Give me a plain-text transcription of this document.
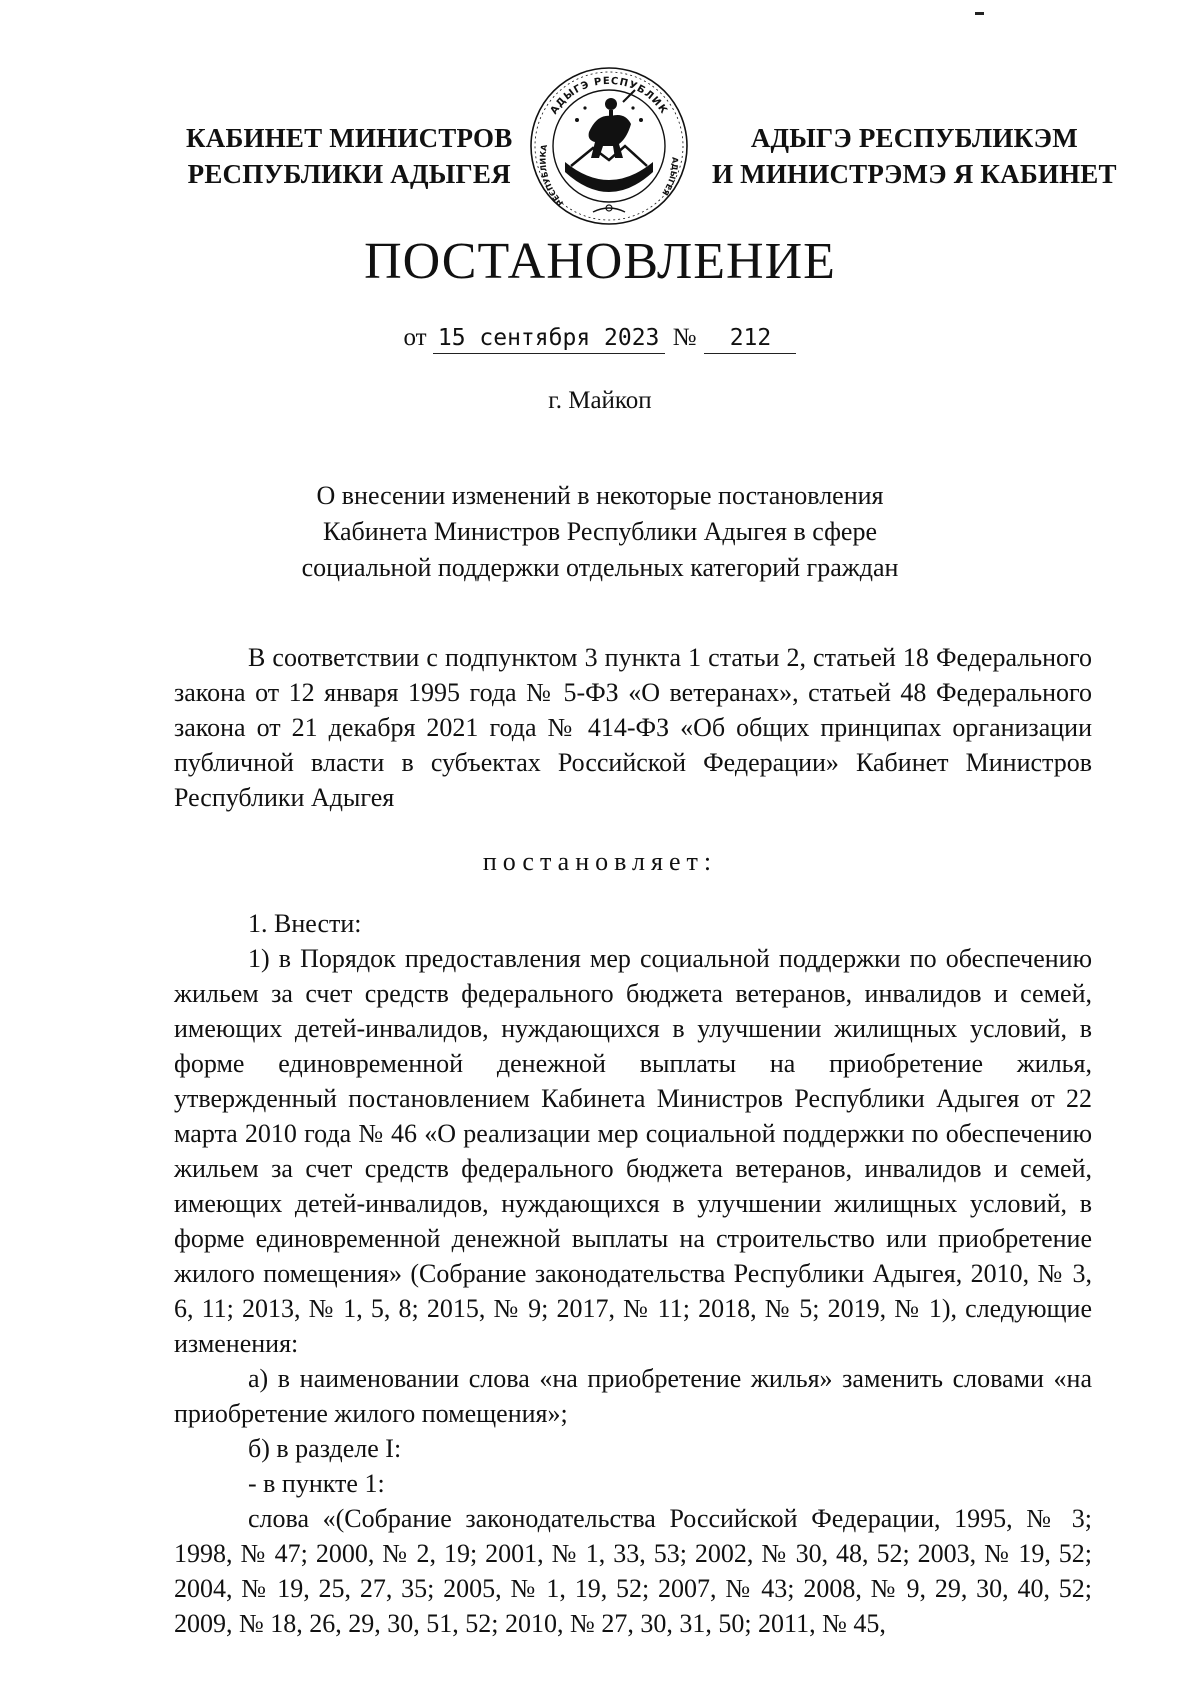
КАБИНЕТ МИНИСТРОВ
РЕСПУБЛИКИ АДЫГЕЯ
АДЫГЭ РЕСПУБЛИК
РЕСПУБЛИКА
АДЫГЕЯ
АДЫГЭ РЕСПУБЛИКЭМ
И МИНИСТРЭМЭ Я КАБИНЕТ
ПОСТАНОВЛЕНИЕ
от 15 сентября 2023 № 212
г. Майкоп
О внесении изменений в некоторые постановления
Кабинета Министров Республики Адыгея в сфере
социальной поддержки отдельных категорий граждан

В соответствии с подпунктом 3 пункта 1 статьи 2, статьей 18 Федерального закона от 12 января 1995 года № 5-ФЗ «О ветеранах», статьей 48 Федерального закона от 21 декабря 2021 года № 414-ФЗ «Об общих принципах организации публичной власти в субъектах Российской Федерации» Кабинет Министров Республики Адыгея

постановляет:

1. Внести:

1) в Порядок предоставления мер социальной поддержки по обеспечению жильем за счет средств федерального бюджета ветеранов, инвалидов и семей, имеющих детей-инвалидов, нуждающихся в улучшении жилищных условий, в форме единовременной денежной выплаты на приобретение жилья, утвержденный постановлением Кабинета Министров Республики Адыгея от 22 марта 2010 года № 46 «О реализации мер социальной поддержки по обеспечению жильем за счет средств федерального бюджета ветеранов, инвалидов и семей, имеющих детей-инвалидов, нуждающихся в улучшении жилищных условий, в форме единовременной денежной выплаты на строительство или приобретение жилого помещения» (Собрание законодательства Республики Адыгея, 2010, № 3, 6, 11; 2013, № 1, 5, 8; 2015, № 9; 2017, № 11; 2018, № 5; 2019, № 1), следующие изменения:

а) в наименовании слова «на приобретение жилья» заменить словами «на приобретение жилого помещения»;

б) в разделе I:

- в пункте 1:

слова «(Собрание законодательства Российской Федерации, 1995, № 3; 1998, № 47; 2000, № 2, 19; 2001, № 1, 33, 53; 2002, № 30, 48, 52; 2003, № 19, 52; 2004, № 19, 25, 27, 35; 2005, № 1, 19, 52; 2007, № 43; 2008, № 9, 29, 30, 40, 52; 2009, № 18, 26, 29, 30, 51, 52; 2010, № 27, 30, 31, 50; 2011, № 45,
